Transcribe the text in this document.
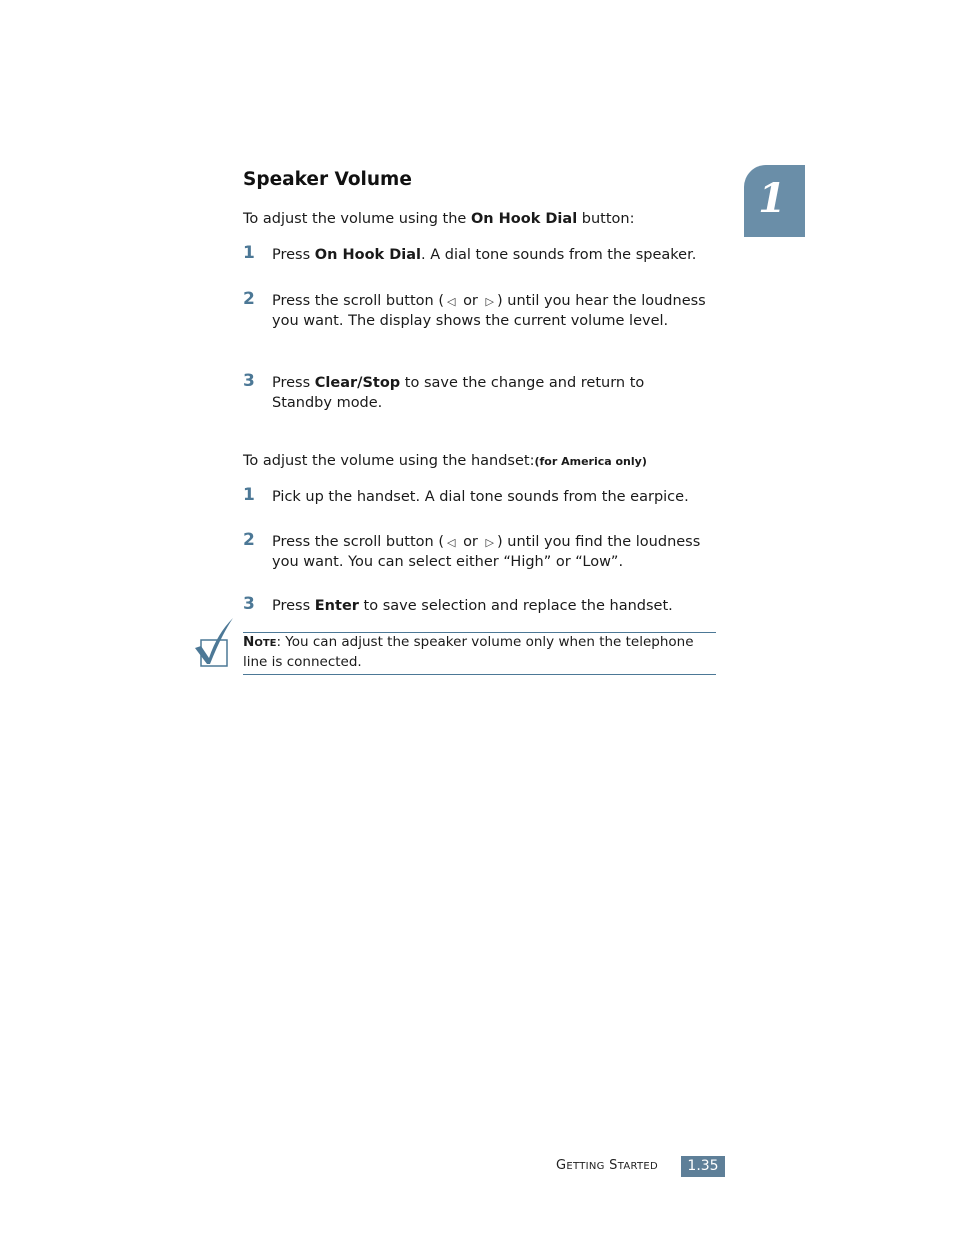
1
Speaker Volume
To adjust the volume using the On Hook Dial button:
1 Press On Hook Dial. A dial tone sounds from the speaker.
2 Press the scroll button ( ◁ or ▷ ) until you hear the loudness you want. The display shows the current volume level.
3 Press Clear/Stop to save the change and return to Standby mode.
To adjust the volume using the handset:(for America only)
1 Pick up the handset. A dial tone sounds from the earpice.
2 Press the scroll button ( ◁ or ▷ ) until you find the loudness you want. You can select either “High” or “Low”.
3 Press Enter to save selection and replace the handset.
NOTE: You can adjust the speaker volume only when the telephone line is connected.
GETTING STARTED	1.35
